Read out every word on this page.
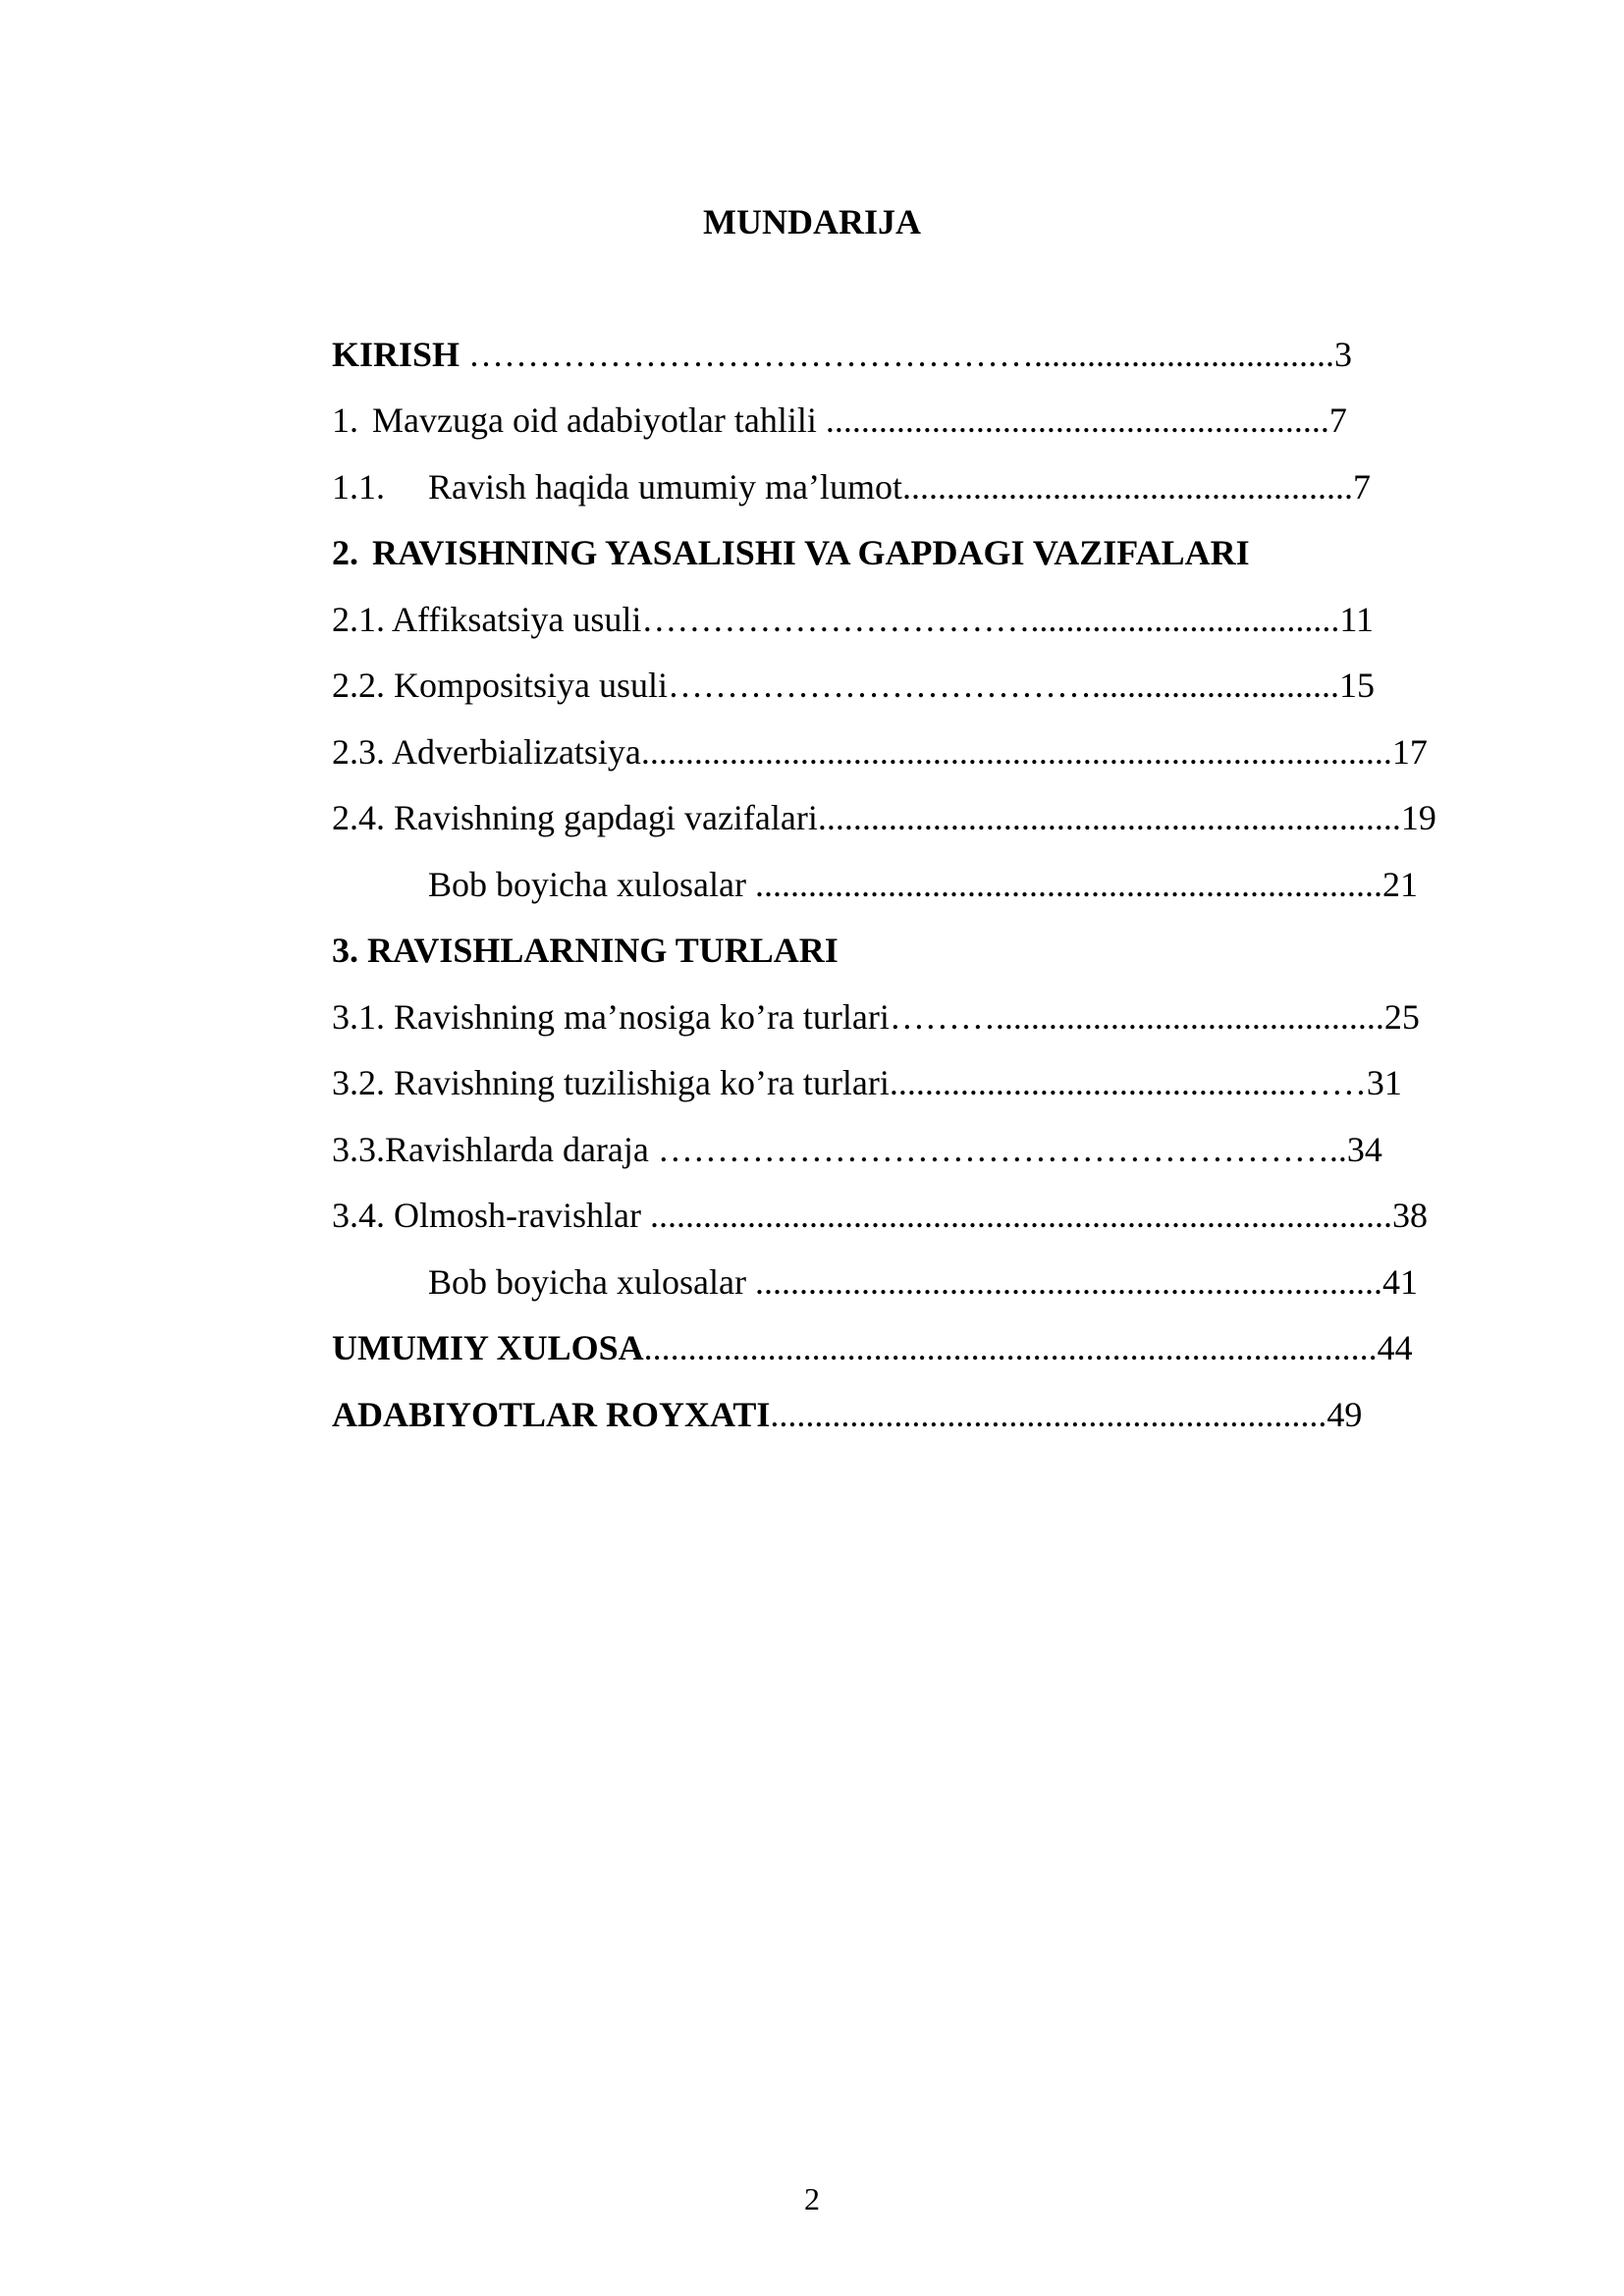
MUNDARIJA
KIRISH …………………………………………..................................3
1. Mavzuga oid adabiyotlar tahlili .........................................................7
1.1. Ravish haqida umumiy ma’lumot...................................................7
2. RAVISHNING YASALISHI VA GAPDAGI VAZIFALARI
2.1. Affiksatsiya usuli……………………………...................................11
2.2. Kompositsiya usuli………………………………............................15
2.3. Adverbializatsiya.....................................................................................17
2.4. Ravishning gapdagi vazifalari..................................................................19
Bob boyicha xulosalar .......................................................................21
3. RAVISHLARNING TURLARI
3.1. Ravishning ma’nosiga ko’ra turlari………............................................25
3.2. Ravishning tuzilishiga ko’ra turlari..............................................……31
3.3.Ravishlarda daraja …………………………………………………..34
3.4. Olmosh-ravishlar ....................................................................................38
Bob boyicha xulosalar .......................................................................41
UMUMIY XULOSA...................................................................................44
ADABIYOTLAR ROYXATI...............................................................49
2
